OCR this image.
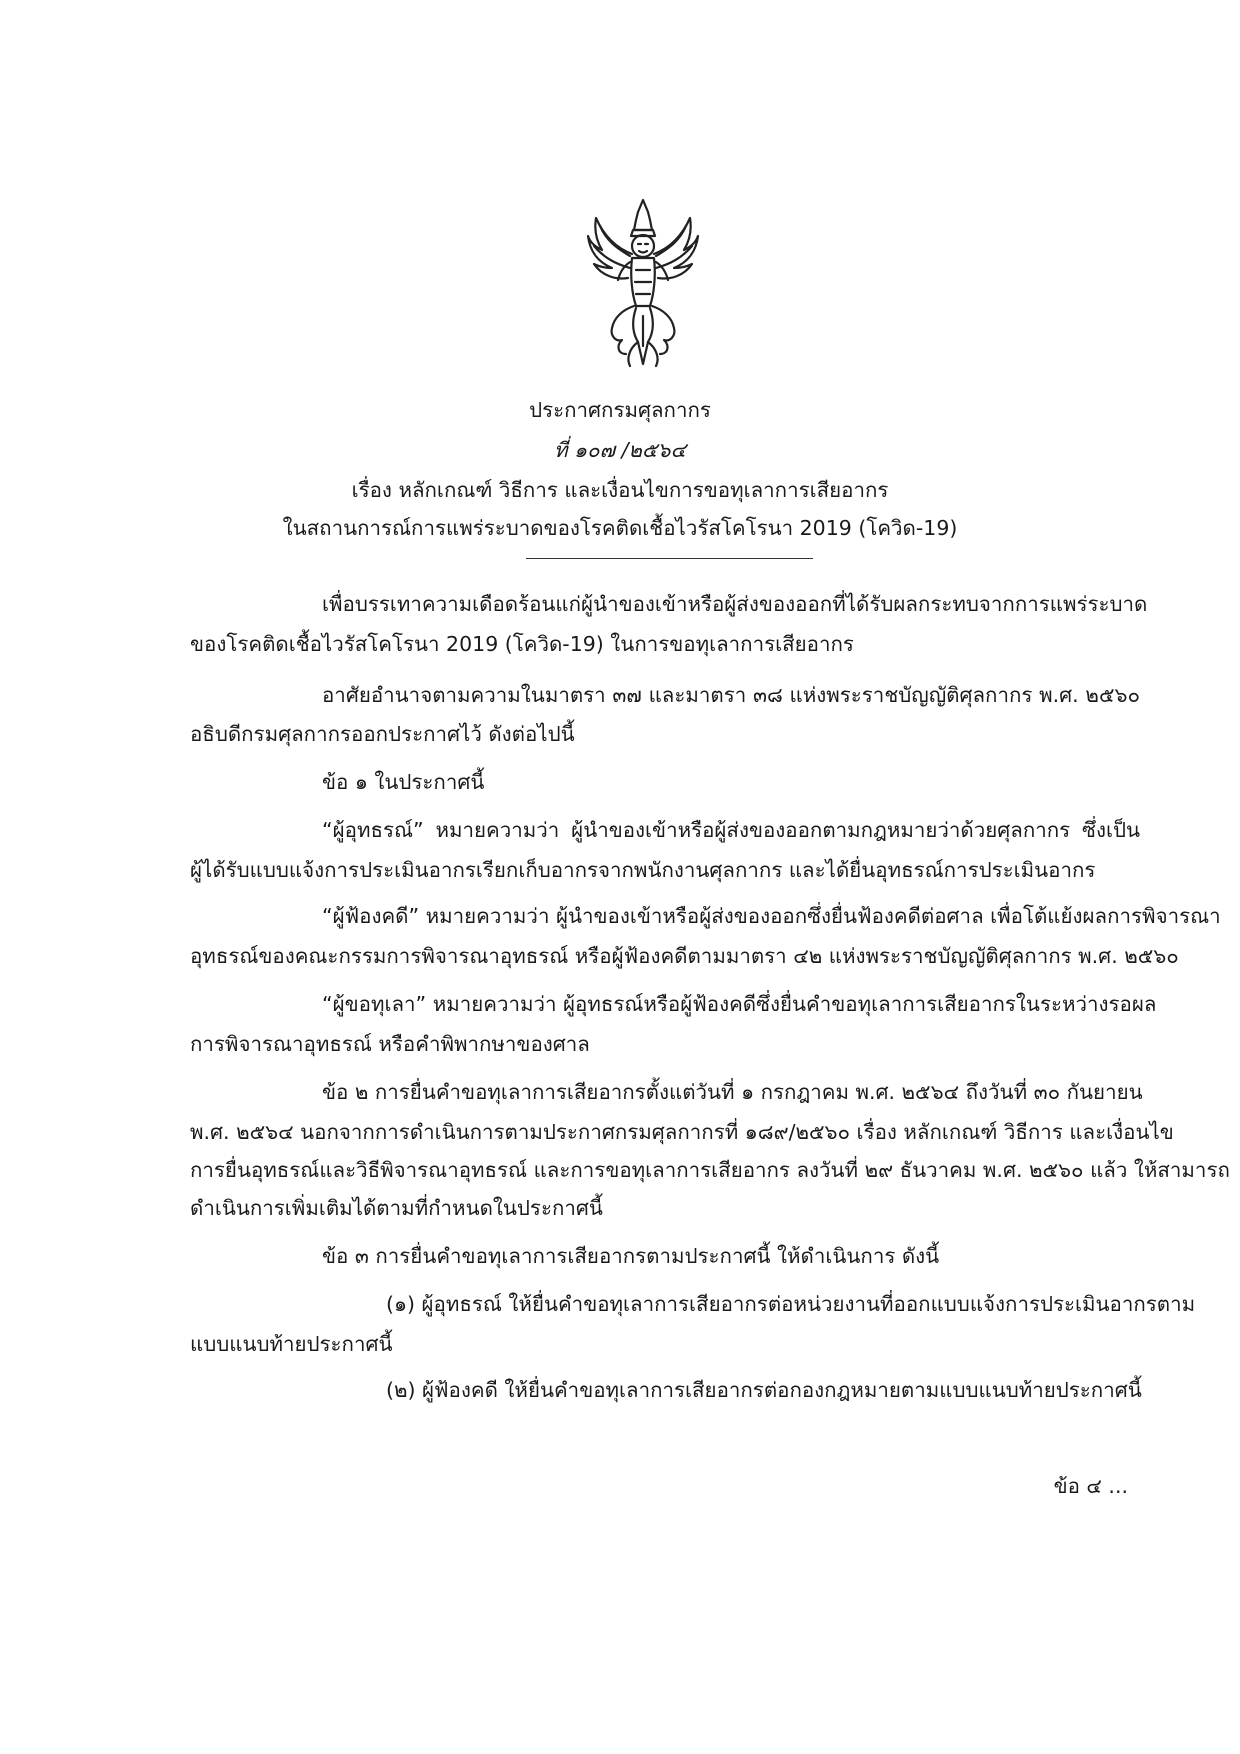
ประกาศกรมศุลกากร
ที่ ๑๐๗ /๒๕๖๔
เรื่อง หลักเกณฑ์ วิธีการ และเงื่อนไขการขอทุเลาการเสียอากร
ในสถานการณ์การแพร่ระบาดของโรคติดเชื้อไวรัสโคโรนา 2019 (โควิด-19)
เพื่อบรรเทาความเดือดร้อนแก่ผู้นำของเข้าหรือผู้ส่งของออกที่ได้รับผลกระทบจากการแพร่ระบาด
ของโรคติดเชื้อไวรัสโคโรนา 2019 (โควิด-19) ในการขอทุเลาการเสียอากร
อาศัยอำนาจตามความในมาตรา ๓๗ และมาตรา ๓๘ แห่งพระราชบัญญัติศุลกากร พ.ศ. ๒๕๖๐
อธิบดีกรมศุลกากรออกประกาศไว้ ดังต่อไปนี้
ข้อ ๑ ในประกาศนี้
“ผู้อุทธรณ์” หมายความว่า ผู้นำของเข้าหรือผู้ส่งของออกตามกฎหมายว่าด้วยศุลกากร ซึ่งเป็น
ผู้ได้รับแบบแจ้งการประเมินอากรเรียกเก็บอากรจากพนักงานศุลกากร และได้ยื่นอุทธรณ์การประเมินอากร
“ผู้ฟ้องคดี” หมายความว่า ผู้นำของเข้าหรือผู้ส่งของออกซึ่งยื่นฟ้องคดีต่อศาล เพื่อโต้แย้งผลการพิจารณา
อุทธรณ์ของคณะกรรมการพิจารณาอุทธรณ์ หรือผู้ฟ้องคดีตามมาตรา ๔๒ แห่งพระราชบัญญัติศุลกากร พ.ศ. ๒๕๖๐
“ผู้ขอทุเลา” หมายความว่า ผู้อุทธรณ์หรือผู้ฟ้องคดีซึ่งยื่นคำขอทุเลาการเสียอากรในระหว่างรอผล
การพิจารณาอุทธรณ์ หรือคำพิพากษาของศาล
ข้อ ๒ การยื่นคำขอทุเลาการเสียอากรตั้งแต่วันที่ ๑ กรกฎาคม พ.ศ. ๒๕๖๔ ถึงวันที่ ๓๐ กันยายน
พ.ศ. ๒๕๖๔ นอกจากการดำเนินการตามประกาศกรมศุลกากรที่ ๑๘๙/๒๕๖๐ เรื่อง หลักเกณฑ์ วิธีการ และเงื่อนไข
การยื่นอุทธรณ์และวิธีพิจารณาอุทธรณ์ และการขอทุเลาการเสียอากร ลงวันที่ ๒๙ ธันวาคม พ.ศ. ๒๕๖๐ แล้ว ให้สามารถ
ดำเนินการเพิ่มเติมได้ตามที่กำหนดในประกาศนี้
ข้อ ๓ การยื่นคำขอทุเลาการเสียอากรตามประกาศนี้ ให้ดำเนินการ ดังนี้
(๑) ผู้อุทธรณ์ ให้ยื่นคำขอทุเลาการเสียอากรต่อหน่วยงานที่ออกแบบแจ้งการประเมินอากรตาม
แบบแนบท้ายประกาศนี้
(๒) ผู้ฟ้องคดี ให้ยื่นคำขอทุเลาการเสียอากรต่อกองกฎหมายตามแบบแนบท้ายประกาศนี้
ข้อ ๔ ...
